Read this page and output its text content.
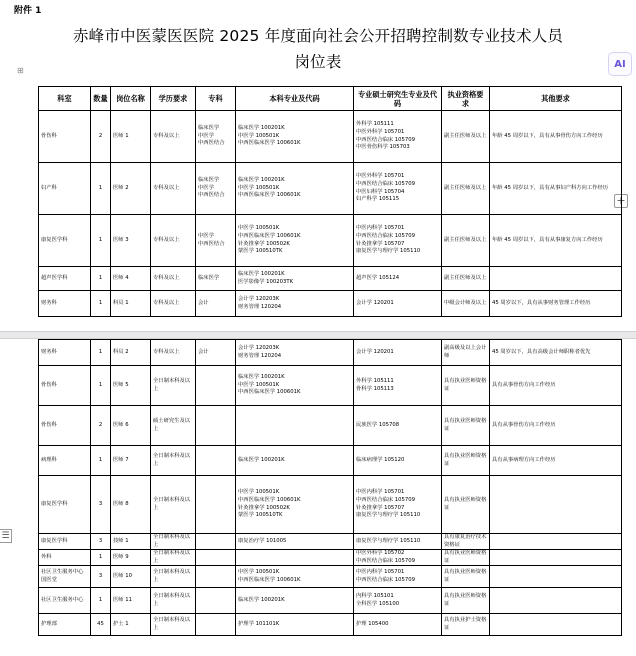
附件 1
赤峰市中医蒙医医院 2025 年度面向社会公开招聘控制数专业技术人员
岗位表
⊞
AI
+
科室	数量	岗位名称	学历要求	专科	本科专业及代码	专业硕士研究生专业及代码	执业资格要求	其他要求
骨伤科	2	医师 1	专科及以上	临床医学
中医学
中西医结合	临床医学 100201K
中医学 100501K
中西医临床医学 100601K	外科学 105111
中医外科学 105701
中西医结合临床 105709
中医骨伤科学 105703	副主任医师及以上	年龄 45 周岁以下，具有从事骨伤方向工作经历
妇产科	1	医师 2	专科及以上	临床医学
中医学
中西医结合	临床医学 100201K
中医学 100501K
中西医临床医学 100601K	中医外科学 105701
中西医结合临床 105709
中医妇科学 105704
妇产科学 105115	副主任医师及以上	年龄 45 周岁以下，具有从事妇产科方向工作经历
康复医学科	1	医师 3	专科及以上	中医学
中西医结合	中医学 100501K
中西医临床医学 100601K
针灸推拿学 100502K
蒙医学 100510TK	中医内科学 105701
中西医结合临床 105709
针灸推拿学 105707
康复医学与理疗学 105110	副主任医师及以上	年龄 45 周岁以下，具有从事康复方向工作经历
超声医学科	1	医师 4	专科及以上	临床医学	临床医学 100201K
医学影像学 100203TK	超声医学 105124	副主任医师及以上	
财务科	1	科员 1	专科及以上	会计	会计学 120203K
财务管理 120204	会计学 120201	中级会计师及以上	45 周岁以下，具有从事财务管理工作经历
财务科	1	科员 2	专科及以上	会计	会计学 120203K
财务管理 120204	会计学 120201	副高级及以上会计师	45 周岁以下，具有高级会计师职称者优先
骨伤科	1	医师 5	全日制本科及以上		临床医学 100201K
中医学 100501K
中西医临床医学 100601K	外科学 105111
骨科学 105113	具有执业医师资格证	具有从事骨伤方向工作经历
骨伤科	2	医师 6	硕士研究生及以上			民族医学 105708	具有执业医师资格证	具有从事骨伤方向工作经历
病理科	1	医师 7	全日制本科及以上		临床医学 100201K	临床病理学 105120	具有执业医师资格证	具有从事病理方向工作经历
康复医学科	3	医师 8	全日制本科及以上		中医学 100501K
中西医临床医学 100601K
针灸推拿学 100502K
蒙医学 100510TK	中医内科学 105701
中西医结合临床 105709
针灸推拿学 105707
康复医学与理疗学 105110	具有执业医师资格证	
康复医学科	3	技师 1	全日制本科及以上		康复治疗学 101005	康复医学与理疗学 105110	具有康复治疗技术资格证	
外科	1	医师 9	全日制本科及以上			中医外科学 105702
中西医结合临床 105709	具有执业医师资格证	
社区卫生服务中心国医堂	3	医师 10	全日制本科及以上		中医学 100501K
中西医临床医学 100601K	中医内科学 105701
中西医结合临床 105709	具有执业医师资格证	
社区卫生服务中心	1	医师 11	全日制本科及以上		临床医学 100201K	内科学 105101
全科医学 105100	具有执业医师资格证	
护理部	45	护士 1	全日制本科及以上		护理学 101101K	护理 105400	具有执业护士资格证	
☰
